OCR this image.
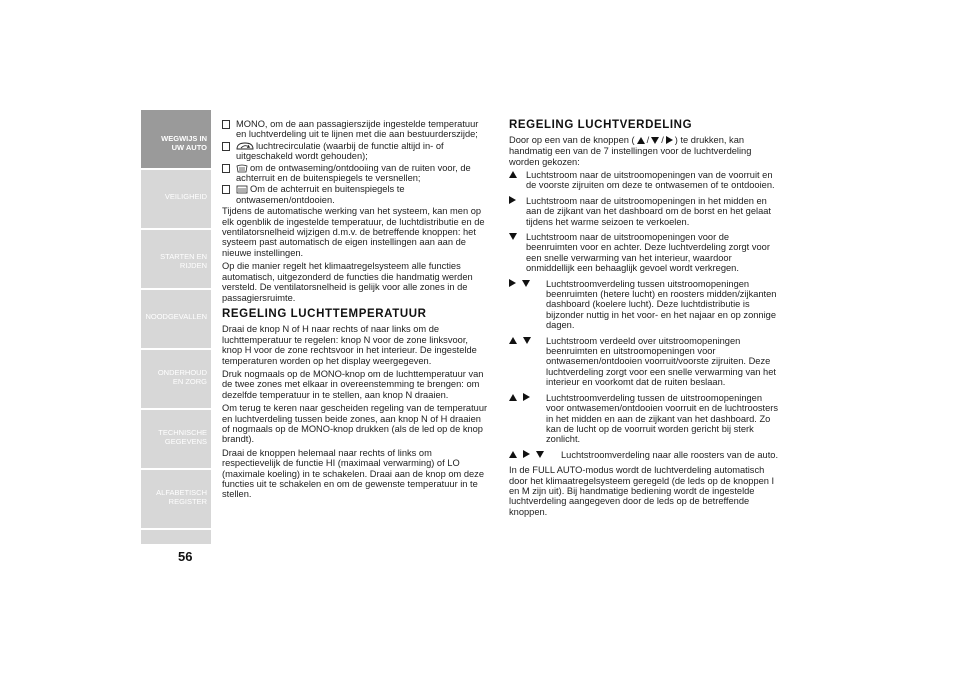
WEGWIJS IN UW AUTO
VEILIGHEID
STARTEN EN RIJDEN
NOODGEVALLEN
ONDERHOUD EN ZORG
TECHNISCHE GEGEVENS
ALFABETISCH REGISTER
56
MONO, om de aan passagierszijde ingestelde temperatuur en luchtverdeling uit te lijnen met die aan bestuurderszijde;
luchtrecirculatie (waarbij de functie altijd in- of uitgeschakeld wordt gehouden);
om de ontwaseming/ontdooiing van de ruiten voor, de achterruit en de buitenspiegels te versnellen;
Om de achterruit en buitenspiegels te ontwasemen/ontdooien.

Tijdens de automatische werking van het systeem, kan men op elk ogenblik de ingestelde temperatuur, de luchtdistributie en de ventilatorsnelheid wijzigen d.m.v. de betreffende knoppen: het systeem past automatisch de eigen instellingen aan aan de nieuwe instellingen.

Op die manier regelt het klimaatregelsysteem alle functies automatisch, uitgezonderd de functies die handmatig werden versteld. De ventilatorsnelheid is gelijk voor alle zones in de passagiersruimte.

REGELING LUCHTTEMPERATUUR

Draai de knop N of H naar rechts of naar links om de luchttemperatuur te regelen: knop N voor de zone linksvoor, knop H voor de zone rechtsvoor in het interieur. De ingestelde temperaturen worden op het display weergegeven.

Druk nogmaals op de MONO-knop om de luchttemperatuur van de twee zones met elkaar in overeenstemming te brengen: om dezelfde temperatuur in te stellen, aan knop N draaien.

Om terug te keren naar gescheiden regeling van de temperatuur en luchtverdeling tussen beide zones, aan knop N of H draaien of nogmaals op de MONO-knop drukken (als de led op de knop brandt).

Draai de knoppen helemaal naar rechts of links om respectievelijk de functie HI (maximaal verwarming) of LO (maximale koeling) in te schakelen. Draai aan de knop om deze functies uit te schakelen en om de gewenste temperatuur in te stellen.

REGELING LUCHTVERDELING

Door op een van de knoppen ( / / ) te drukken, kan handmatig een van de 7 instellingen voor de luchtverdeling worden gekozen:

Luchtstroom naar de uitstroomopeningen van de voorruit en de voorste zijruiten om deze te ontwasemen of te ontdooien.
Luchtstroom naar de uitstroomopeningen in het midden en aan de zijkant van het dashboard om de borst en het gelaat tijdens het warme seizoen te verkoelen.
Luchtstroom naar de uitstroomopeningen voor de beenruimten voor en achter. Deze luchtverdeling zorgt voor een snelle verwarming van het interieur, waardoor onmiddellijk een behaaglijk gevoel wordt verkregen.
Luchtstroomverdeling tussen uitstroomopeningen beenruimten (hetere lucht) en roosters midden/zijkanten dashboard (koelere lucht). Deze luchtdistributie is bijzonder nuttig in het voor- en het najaar en op zonnige dagen.
Luchtstroom verdeeld over uitstroomopeningen beenruimten en uitstroomopeningen voor ontwasemen/ontdooien voorruit/voorste zijruiten. Deze luchtverdeling zorgt voor een snelle verwarming van het interieur en voorkomt dat de ruiten beslaan.
Luchtstroomverdeling tussen de uitstroomopeningen voor ontwasemen/ontdooien voorruit en de luchtroosters in het midden en aan de zijkant van het dashboard. Zo kan de lucht op de voorruit worden gericht bij sterk zonlicht.
Luchtstroomverdeling naar alle roosters van de auto.

In de FULL AUTO-modus wordt de luchtverdeling automatisch door het klimaatregelsysteem geregeld (de leds op de knoppen I en M zijn uit). Bij handmatige bediening wordt de ingestelde luchtverdeling aangegeven door de leds op de betreffende knoppen.
